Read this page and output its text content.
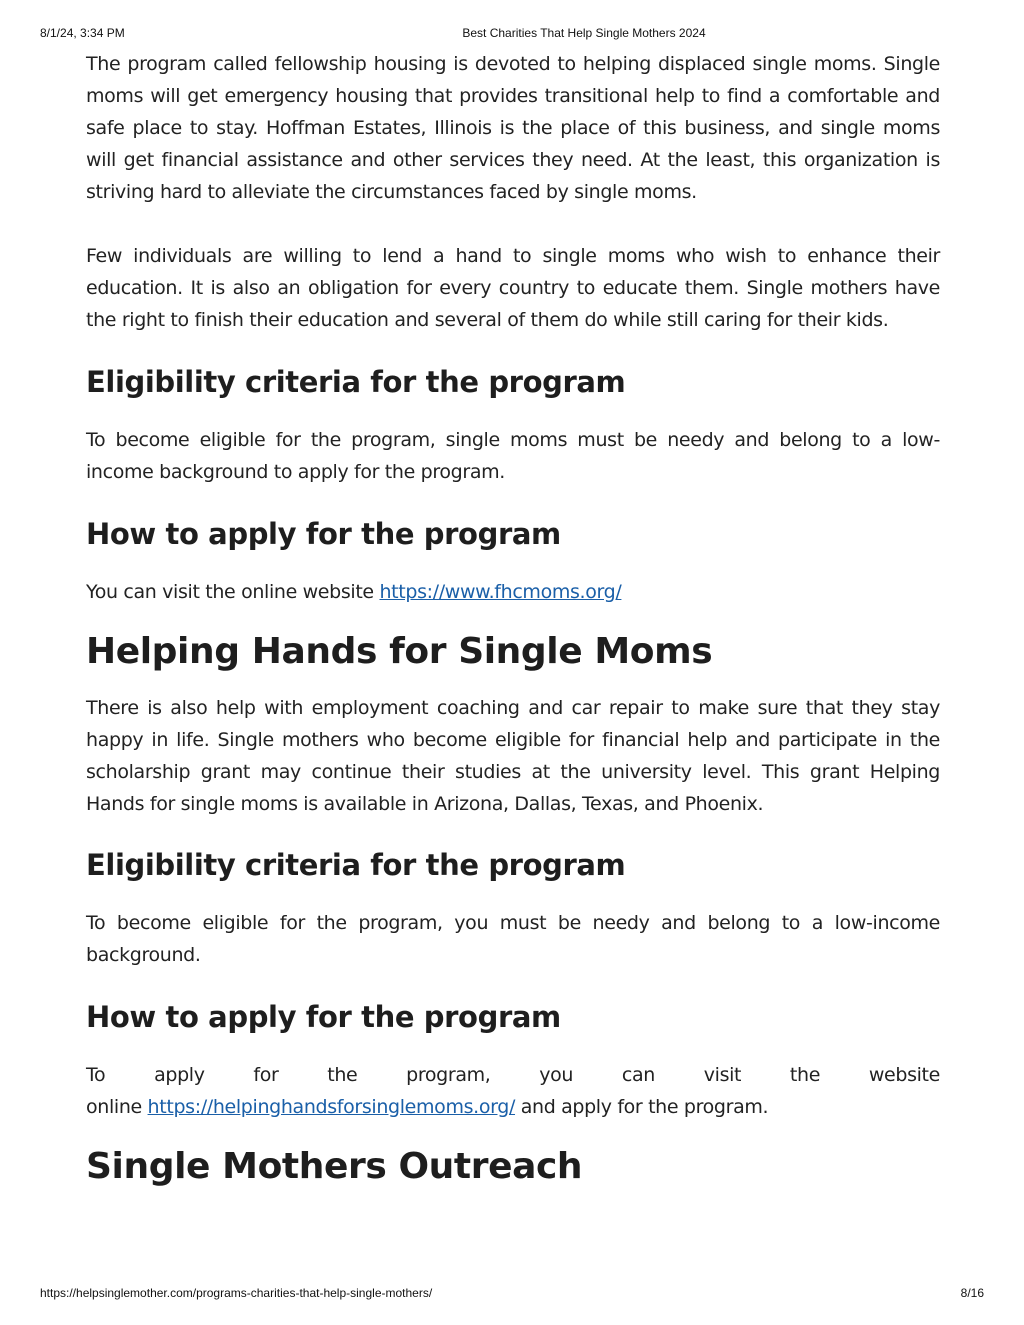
8/1/24, 3:34 PM	Best Charities That Help Single Mothers 2024

The program called fellowship housing is devoted to helping displaced single moms. Single moms will get emergency housing that provides transitional help to find a comfortable and safe place to stay. Hoffman Estates, Illinois is the place of this business, and single moms will get financial assistance and other services they need. At the least, this organization is striving hard to alleviate the circumstances faced by single moms.

Few individuals are willing to lend a hand to single moms who wish to enhance their education. It is also an obligation for every country to educate them. Single mothers have the right to finish their education and several of them do while still caring for their kids.

Eligibility criteria for the program

To become eligible for the program, single moms must be needy and belong to a low-income background to apply for the program.

How to apply for the program

You can visit the online website https://www.fhcmoms.org/

Helping Hands for Single Moms

There is also help with employment coaching and car repair to make sure that they stay happy in life. Single mothers who become eligible for financial help and participate in the scholarship grant may continue their studies at the university level. This grant Helping Hands for single moms is available in Arizona, Dallas, Texas, and Phoenix.

Eligibility criteria for the program

To become eligible for the program, you must be needy and belong to a low-income background.

How to apply for the program

To apply for the program, you can visit the website

online https://helpinghandsforsinglemoms.org/ and apply for the program.

Single Mothers Outreach
https://helpsinglemother.com/programs-charities-that-help-single-mothers/	8/16
